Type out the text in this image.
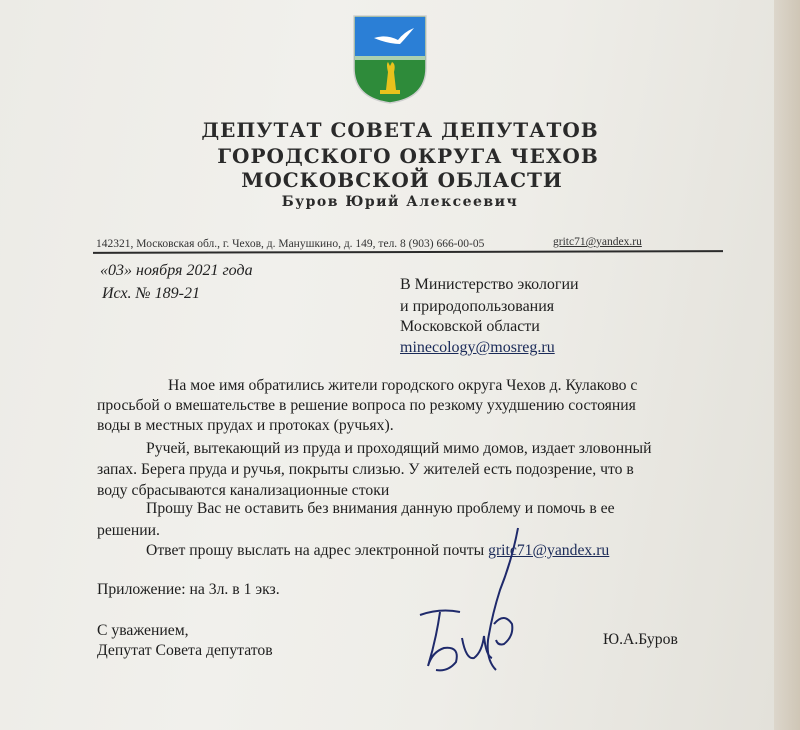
ДЕПУТАТ СОВЕТА ДЕПУТАТОВ
ГОРОДСКОГО ОКРУГА ЧЕХОВ
МОСКОВСКОЙ ОБЛАСТИ
Буров Юрий Алексеевич
142321, Московская обл., г. Чехов, д. Манушкино, д. 149, тел. 8 (903) 666-00-05	gritc71@yandex.ru
«03» ноября 2021 года
Исх. № 189-21
В Министерство экологии
и природопользования
Московской области
minecology@mosreg.ru
На мое имя обратились жители городского округа Чехов д. Кулаково с
просьбой о вмешательстве в решение вопроса по резкому ухудшению состояния
воды в местных прудах и протоках (ручьях).
Ручей, вытекающий из пруда и проходящий мимо домов, издает зловонный
запах. Берега пруда и ручья, покрыты слизью. У жителей есть подозрение, что в
воду сбрасываются канализационные стоки
Прошу Вас не оставить без внимания данную проблему и помочь в ее
решении.
Ответ прошу выслать на адрес электронной почты gritc71@yandex.ru
Приложение: на 3л. в 1 экз.
С уважением,
Депутат Совета депутатов
Ю.А.Буров
